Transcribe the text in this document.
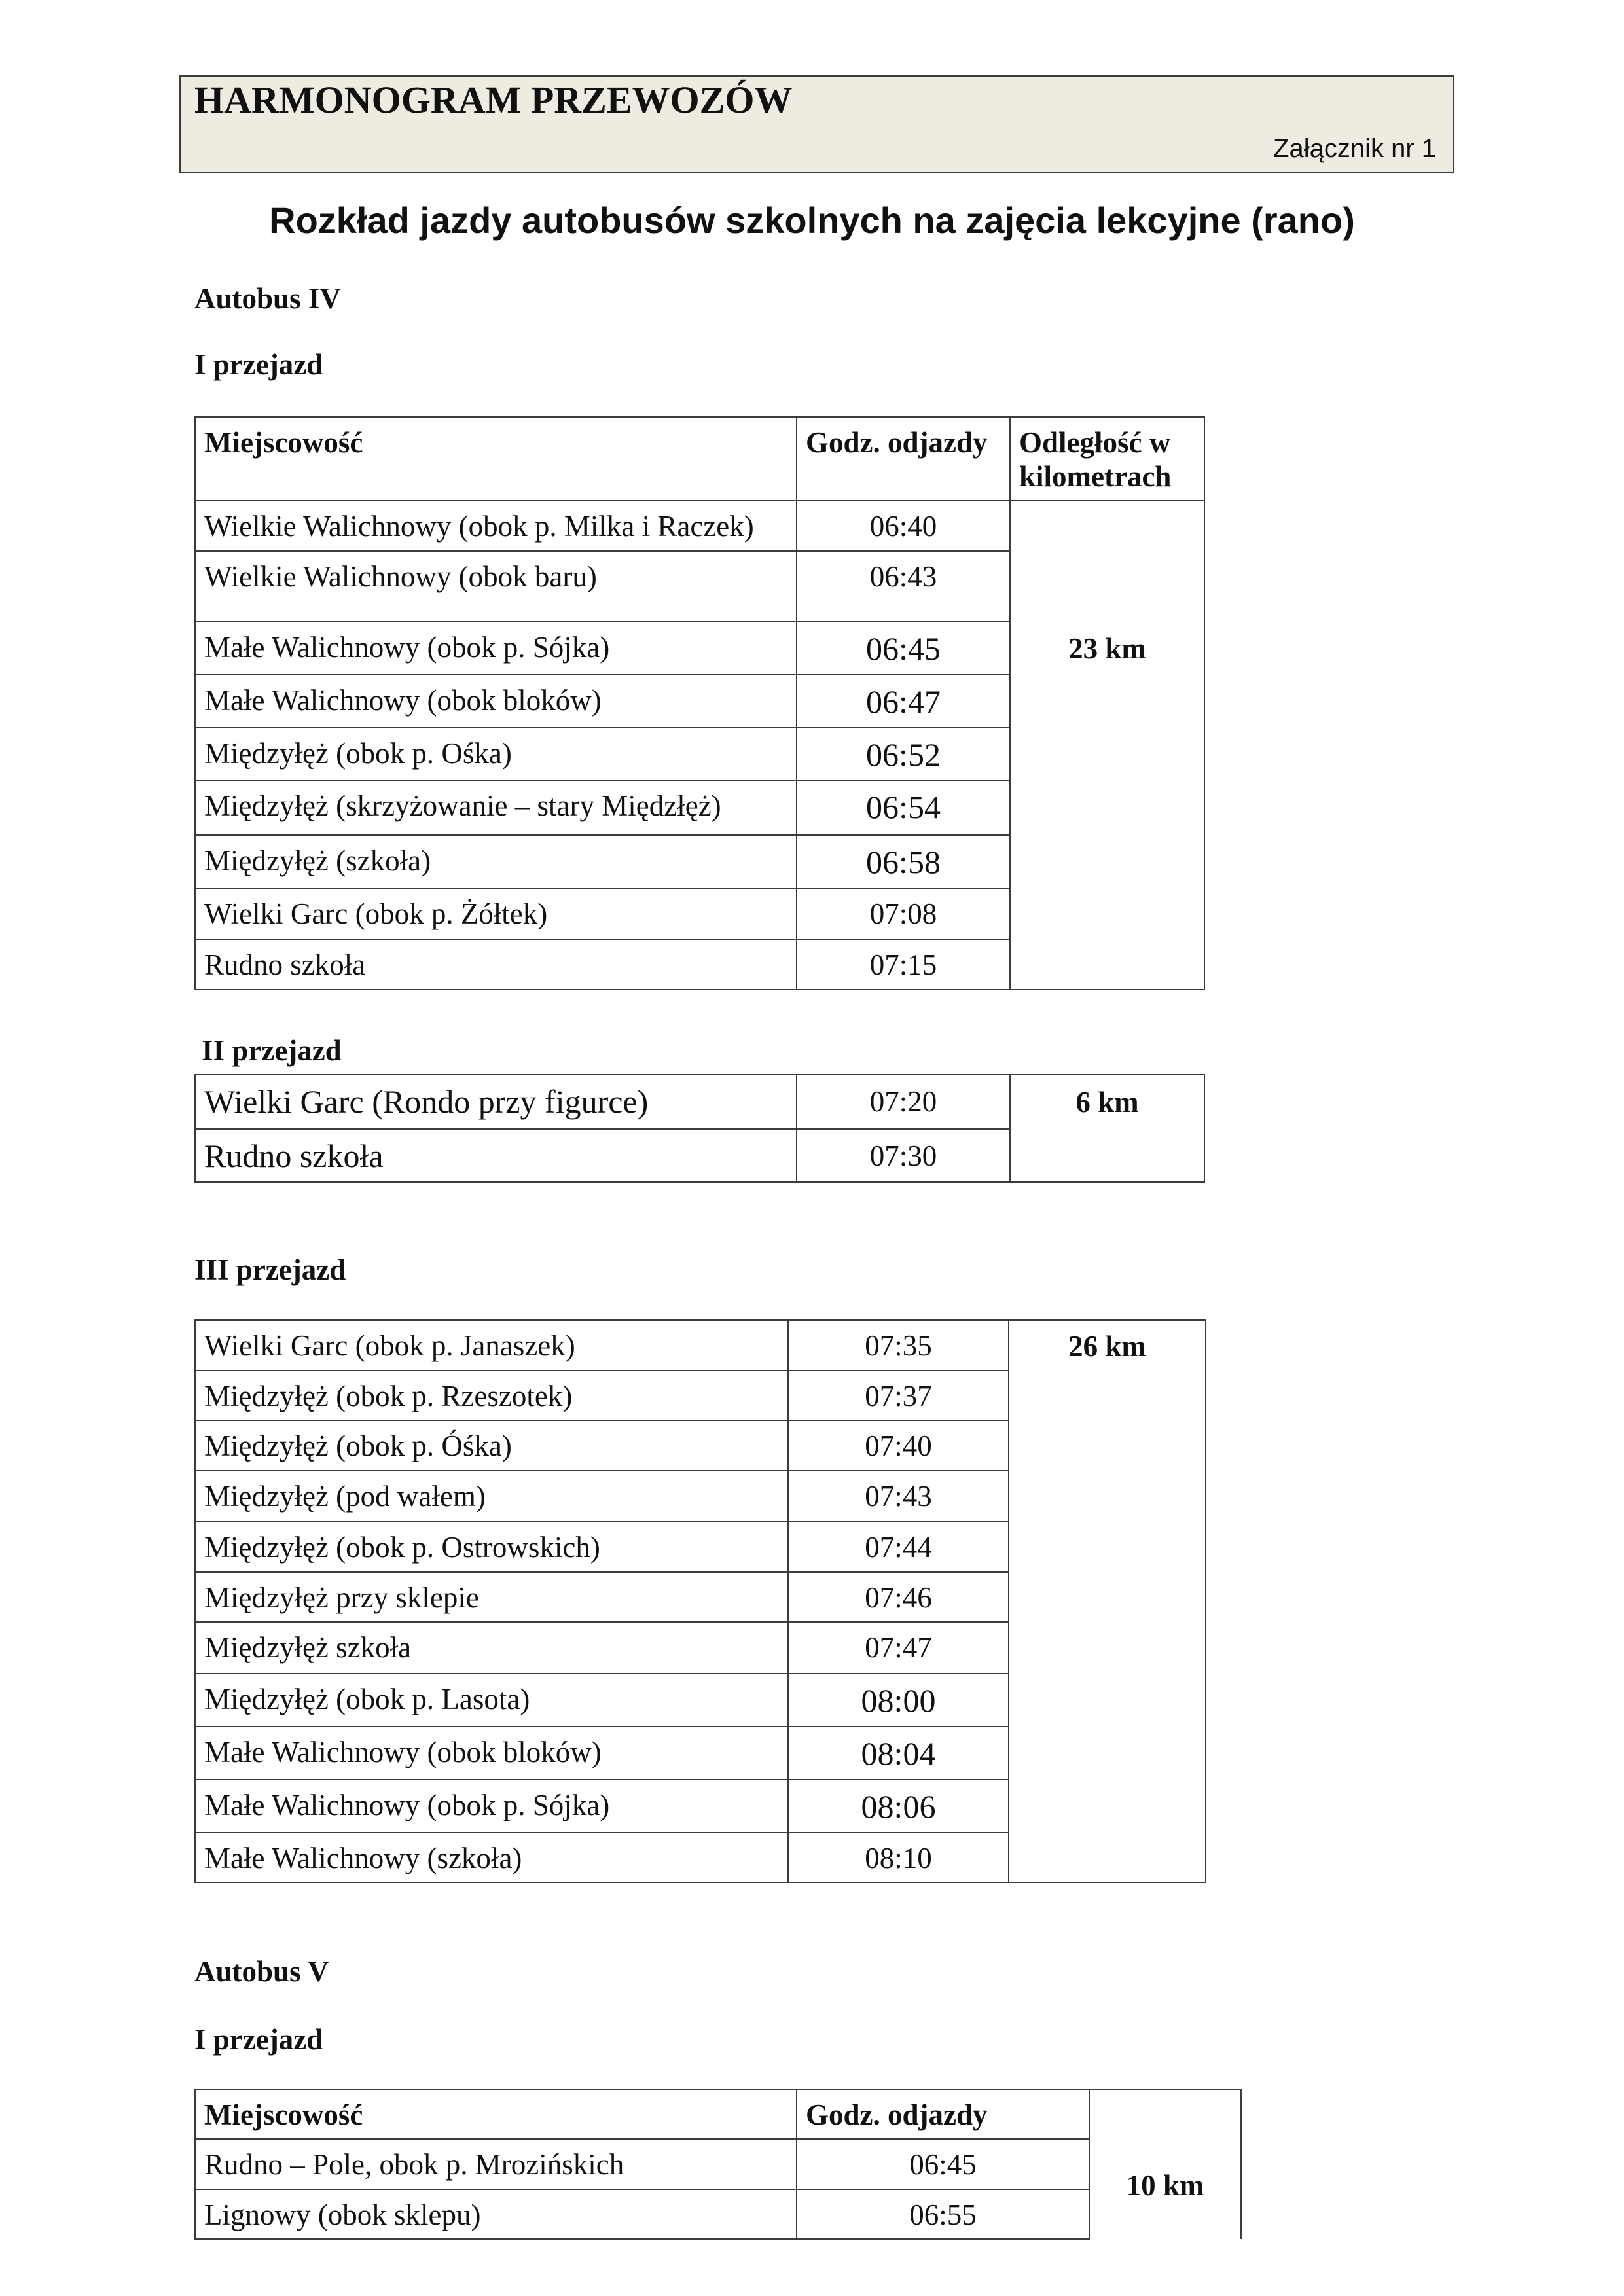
HARMONOGRAM PRZEWOZÓW
Załącznik nr 1
Rozkład jazdy autobusów szkolnych na zajęcia lekcyjne (rano)
Autobus IV
I przejazd
Miejscowość	Godz. odjazdy	Odległość w kilometrach
Wielkie Walichnowy (obok p. Milka i Raczek)	06:40	23 km
Wielkie Walichnowy (obok baru)	06:43	
Małe Walichnowy (obok p. Sójka)	06:45	
Małe Walichnowy (obok bloków)	06:47	
Międzyłęż (obok p. Ośka)	06:52	
Międzyłęż (skrzyżowanie – stary Międzłęż)	06:54	
Międzyłęż (szkoła)	06:58	
Wielki Garc (obok p. Żółtek)	07:08	
Rudno szkoła	07:15	
II przejazd
Wielki Garc (Rondo przy figurce)	07:20	6 km
Rudno szkoła	07:30	
III przejazd
Wielki Garc (obok p. Janaszek)	07:35	26 km
Międzyłęż (obok p. Rzeszotek)	07:37	
Międzyłęż (obok p. Óśka)	07:40	
Międzyłęż (pod wałem)	07:43	
Międzyłęż (obok p. Ostrowskich)	07:44	
Międzyłęż przy sklepie	07:46	
Międzyłęż szkoła	07:47	
Międzyłęż (obok p. Lasota)	08:00	
Małe Walichnowy (obok bloków)	08:04	
Małe Walichnowy (obok p. Sójka)	08:06	
Małe Walichnowy (szkoła)	08:10	
Autobus V
I przejazd
Miejscowość	Godz. odjazdy	10 km
Rudno – Pole, obok p. Mrozińskich	06:45	
Lignowy (obok sklepu)	06:55	
